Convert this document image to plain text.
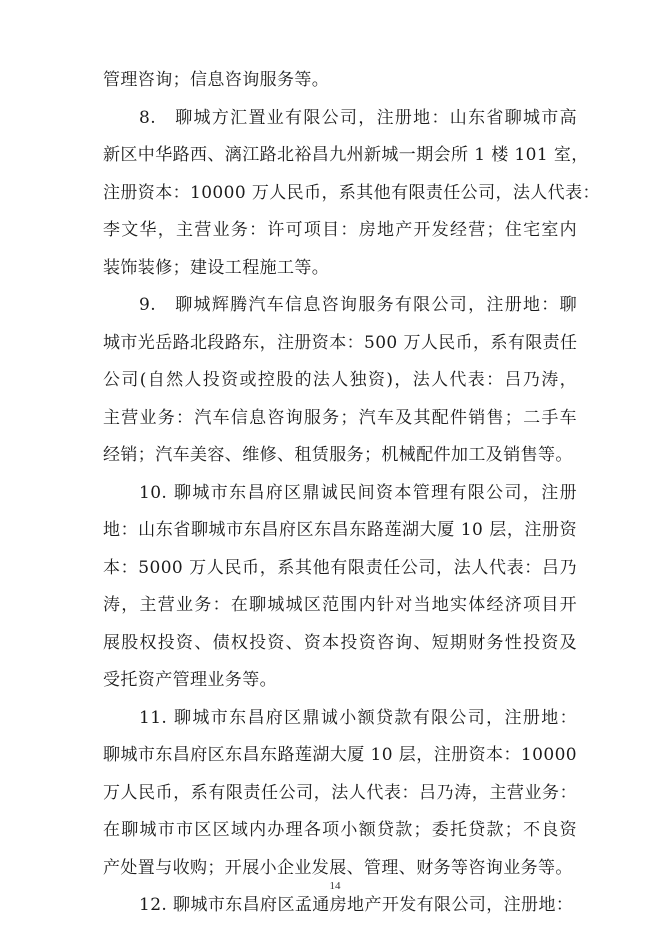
管理咨询；信息咨询服务等。
8.　聊城方汇置业有限公司，注册地：山东省聊城市高
新区中华路西、漓江路北裕昌九州新城一期会所 1 楼 101 室，
注册资本：10000 万人民币，系其他有限责任公司，法人代表：
李文华，主营业务：许可项目：房地产开发经营；住宅室内
装饰装修；建设工程施工等。
9.　聊城辉腾汽车信息咨询服务有限公司，注册地：聊
城市光岳路北段路东，注册资本：500 万人民币，系有限责任
公司(自然人投资或控股的法人独资)，法人代表：吕乃涛，
主营业务：汽车信息咨询服务；汽车及其配件销售；二手车
经销；汽车美容、维修、租赁服务；机械配件加工及销售等。
10. 聊城市东昌府区鼎诚民间资本管理有限公司，注册
地：山东省聊城市东昌府区东昌东路莲湖大厦 10 层，注册资
本：5000 万人民币，系其他有限责任公司，法人代表：吕乃
涛，主营业务：在聊城城区范围内针对当地实体经济项目开
展股权投资、债权投资、资本投资咨询、短期财务性投资及
受托资产管理业务等。
11. 聊城市东昌府区鼎诚小额贷款有限公司，注册地：
聊城市东昌府区东昌东路莲湖大厦 10 层，注册资本：10000
万人民币，系有限责任公司，法人代表：吕乃涛，主营业务：
在聊城市市区区域内办理各项小额贷款；委托贷款；不良资
产处置与收购；开展小企业发展、管理、财务等咨询业务等。
12. 聊城市东昌府区孟通房地产开发有限公司，注册地：
14
